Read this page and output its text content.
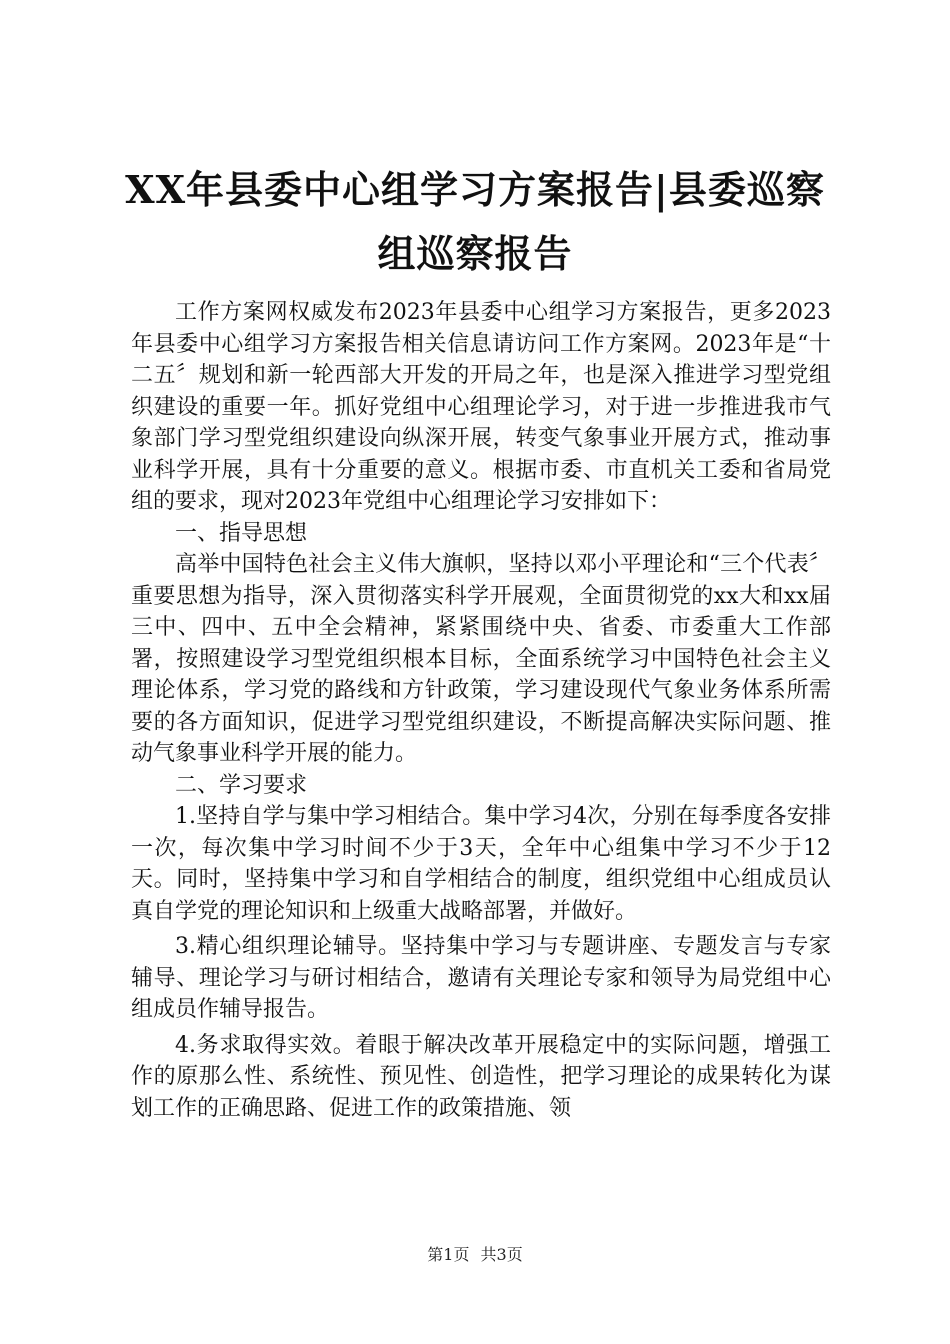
XX年县委中心组学习方案报告|县委巡察组巡察报告

工作方案网权威发布2023年县委中心组学习方案报告，更多2023年县委中心组学习方案报告相关信息请访问工作方案网。2023年是“十二五〞规划和新一轮西部大开发的开局之年，也是深入推进学习型党组织建设的重要一年。抓好党组中心组理论学习，对于进一步推进我市气象部门学习型党组织建设向纵深开展，转变气象事业开展方式，推动事业科学开展，具有十分重要的意义。根据市委、市直机关工委和省局党组的要求，现对2023年党组中心组理论学习安排如下：

一、指导思想

高举中国特色社会主义伟大旗帜，坚持以邓小平理论和“三个代表〞重要思想为指导，深入贯彻落实科学开展观，全面贯彻党的xx大和xx届三中、四中、五中全会精神，紧紧围绕中央、省委、市委重大工作部署，按照建设学习型党组织根本目标，全面系统学习中国特色社会主义理论体系，学习党的路线和方针政策，学习建设现代气象业务体系所需要的各方面知识，促进学习型党组织建设，不断提高解决实际问题、推动气象事业科学开展的能力。

二、学习要求

1.坚持自学与集中学习相结合。集中学习4次，分别在每季度各安排一次，每次集中学习时间不少于3天，全年中心组集中学习不少于12天。同时，坚持集中学习和自学相结合的制度，组织党组中心组成员认真自学党的理论知识和上级重大战略部署，并做好。

3.精心组织理论辅导。坚持集中学习与专题讲座、专题发言与专家辅导、理论学习与研讨相结合，邀请有关理论专家和领导为局党组中心组成员作辅导报告。

4.务求取得实效。着眼于解决改革开展稳定中的实际问题，增强工作的原那么性、系统性、预见性、创造性，把学习理论的成果转化为谋划工作的正确思路、促进工作的政策措施、领

第1页 共3页
